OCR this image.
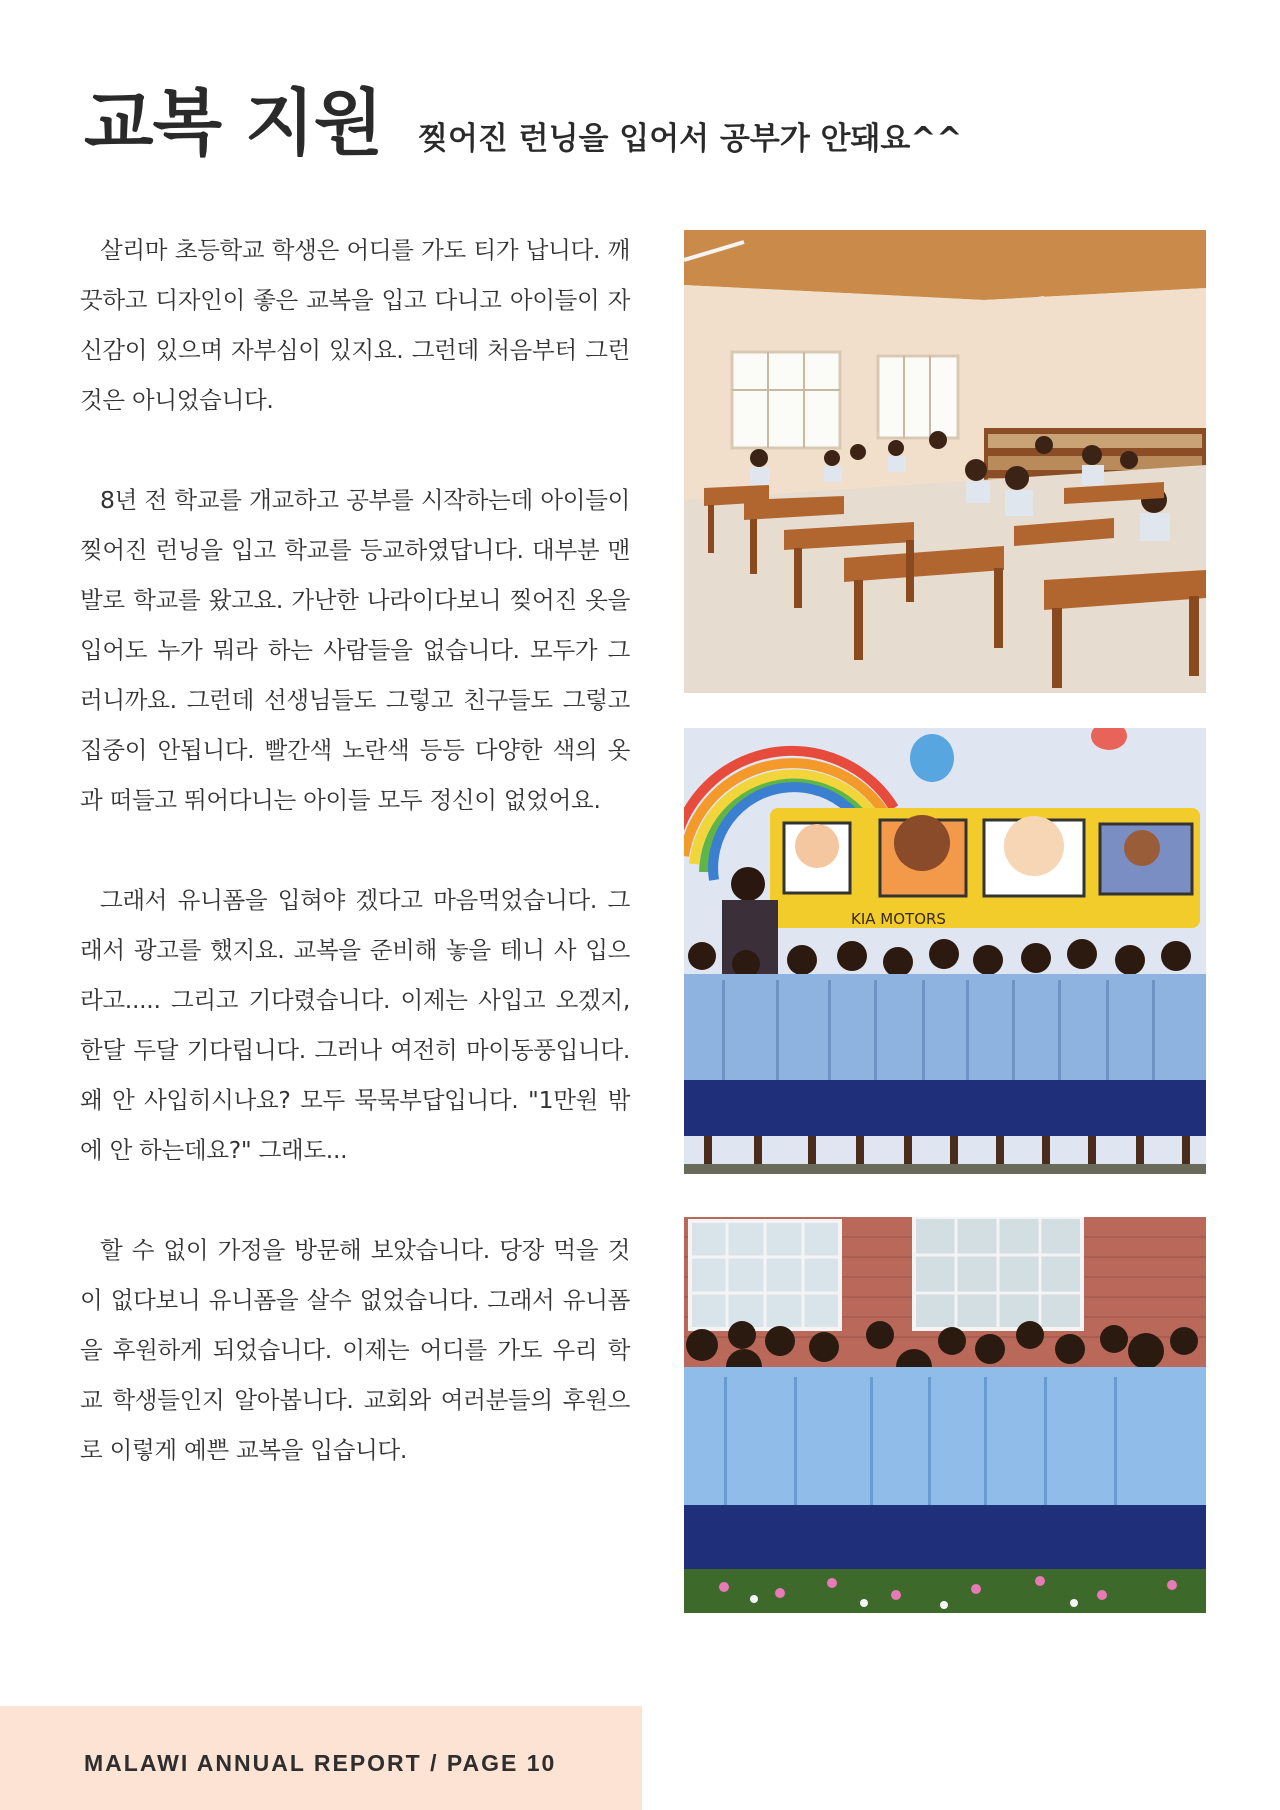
교복 지원 찢어진 런닝을 입어서 공부가 안돼요^^

살리마 초등학교 학생은 어디를 가도 티가 납니다. 깨끗하고 디자인이 좋은 교복을 입고 다니고 아이들이 자신감이 있으며 자부심이 있지요. 그런데 처음부터 그런것은 아니었습니다.

8년 전 학교를 개교하고 공부를 시작하는데 아이들이 찢어진 런닝을 입고 학교를 등교하였답니다. 대부분 맨발로 학교를 왔고요. 가난한 나라이다보니 찢어진 옷을 입어도 누가 뭐라 하는 사람들을 없습니다. 모두가 그러니까요. 그런데 선생님들도 그렇고 친구들도 그렇고 집중이 안됩니다. 빨간색 노란색 등등 다양한 색의 옷과 떠들고 뛰어다니는 아이들 모두 정신이 없었어요.

그래서 유니폼을 입혀야 겠다고 마음먹었습니다. 그래서 광고를 했지요. 교복을 준비해 놓을 테니 사 입으라고..... 그리고 기다렸습니다. 이제는 사입고 오겠지, 한달 두달 기다립니다. 그러나 여전히 마이동풍입니다. 왜 안 사입히시나요? 모두 묵묵부답입니다. "1만원 밖에 안 하는데요?" 그래도...

할 수 없이 가정을 방문해 보았습니다. 당장 먹을 것이 없다보니 유니폼을 살수 없었습니다. 그래서 유니폼을 후원하게 되었습니다. 이제는 어디를 가도 우리 학교 학생들인지 알아봅니다. 교회와 여러분들의 후원으로 이렇게 예쁜 교복을 입습니다.

KIA MOTORS
MALAWI ANNUAL REPORT / PAGE 10
